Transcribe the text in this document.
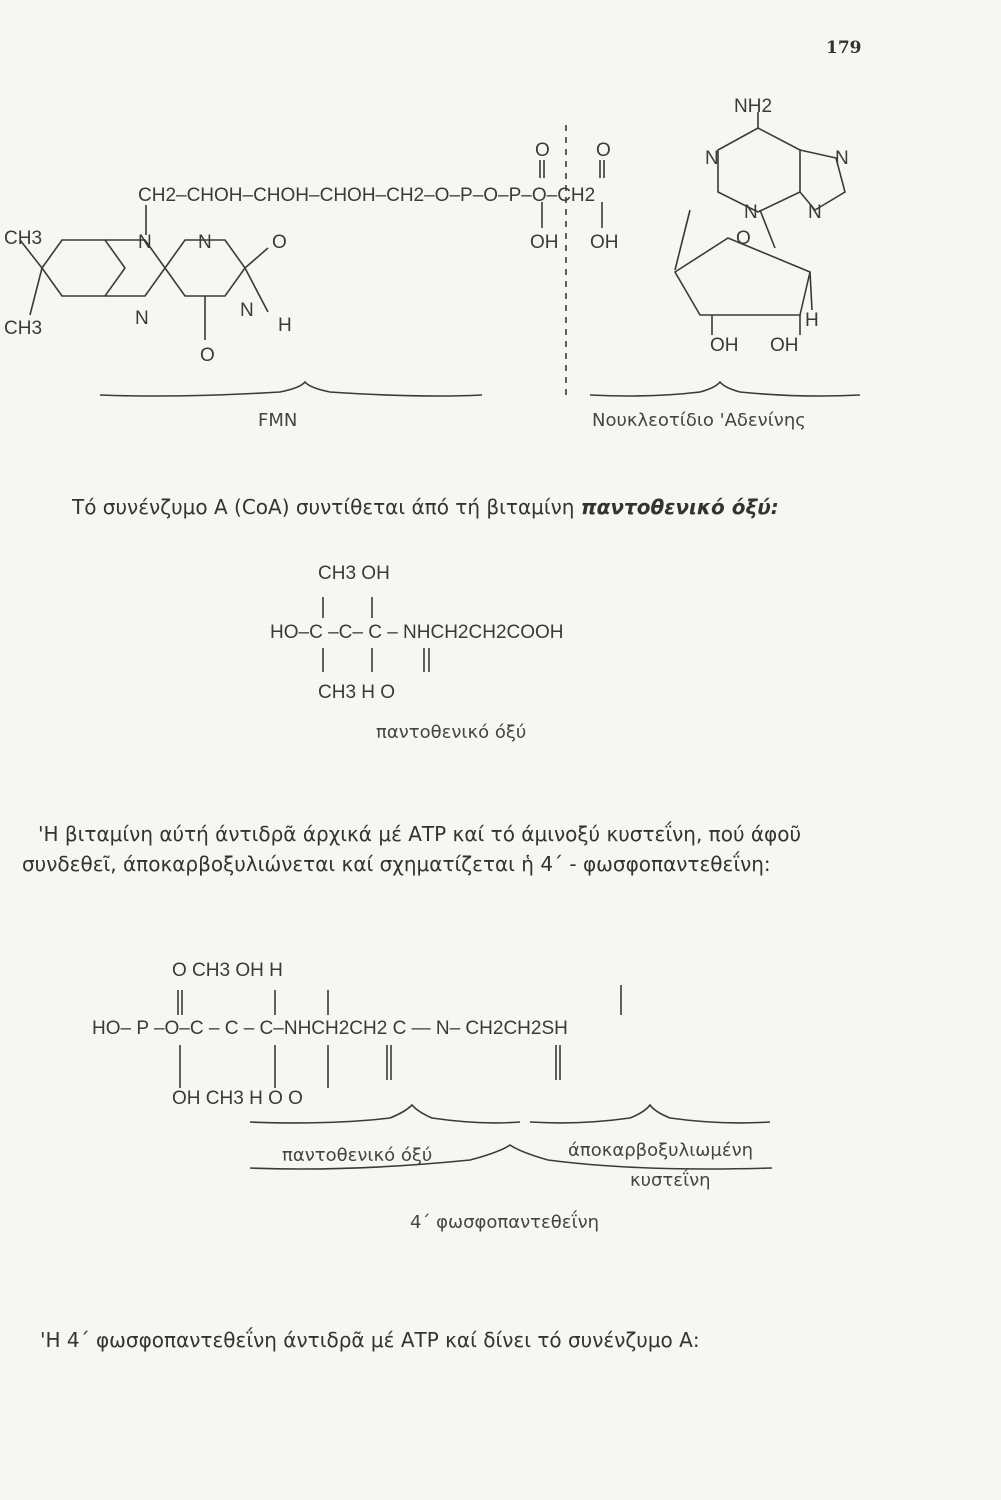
179
NH2
CH2–CHOH–CHOH–CHOH–CH2–O–P–O–P–O–CH2
CH3
CH3
N N
N	N
O
O
H
O O
OH OH
N	N
N	N
O
H
OH OH
FMN	Νουκλεοτίδιο 'Αδενίνης
Τό συνένζυμο Α (CoA) συντίθεται άπό τή βιταμίνη παντοθενικό όξύ:
CH3 OH
HO–C –C– C – NHCH2CH2COOH
CH3 H O
παντοθενικό όξύ
'Η βιταμίνη αύτή άντιδρᾶ άρχικά μέ ΑΤΡ καί τό άμινοξύ κυστεΐνη, πού άφοῦ
συνδεθεῖ, άποκαρβοξυλιώνεται καί σχηματίζεται ἡ 4΄ - φωσφοπαντεθεΐνη:
O CH3 OH H
HO– P –O–C – C – C–NHCH2CH2 C — N– CH2CH2SH
OH CH3 H O O
παντοθενικό όξύ	άποκαρβοξυλιωμένη
κυστεΐνη
4΄ φωσφοπαντεθεΐνη
'Η 4΄ φωσφοπαντεθεΐνη άντιδρᾶ μέ ΑΤΡ καί δίνει τό συνένζυμο Α:
